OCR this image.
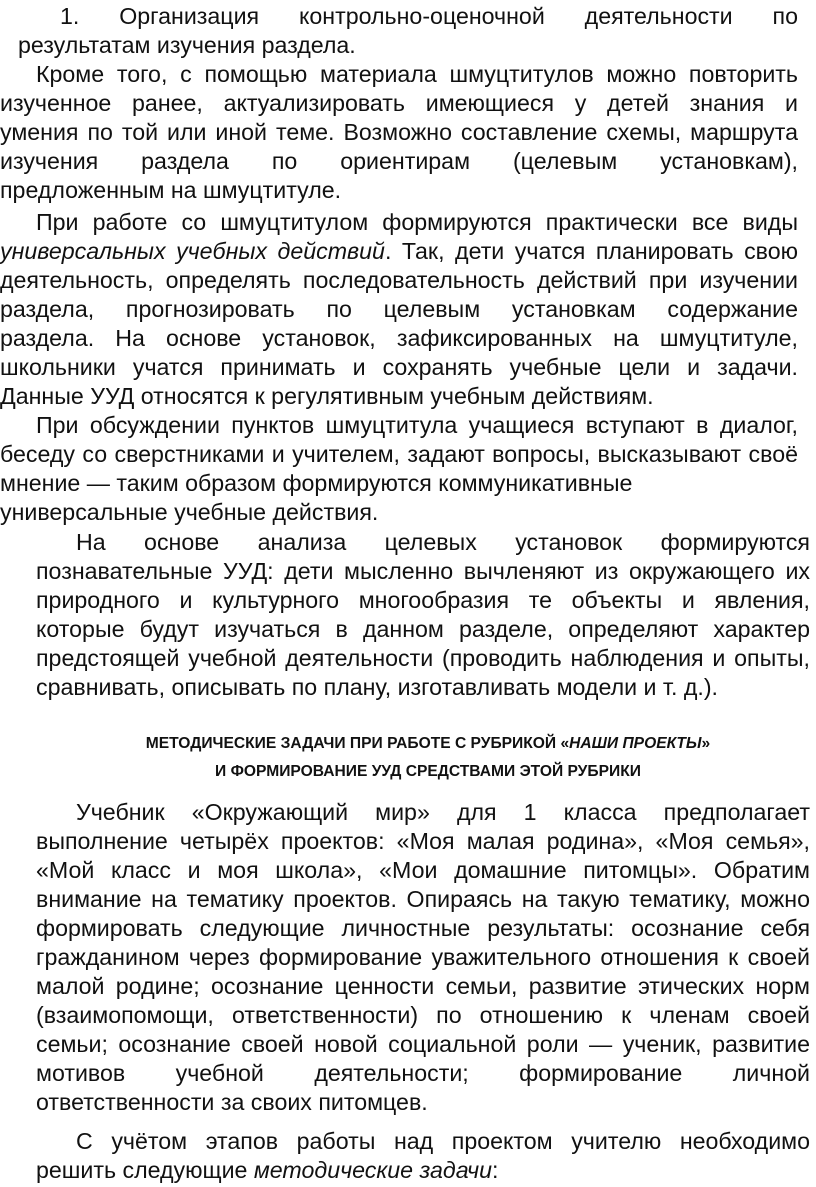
1. Организация контрольно-оценочной деятельности по
результатам изучения раздела.
Кроме того, с помощью материала шмуцтитулов можно повторить
изученное ранее, актуализировать имеющиеся у детей знания и
умения по той или иной теме. Возможно составление схемы, маршрута
изучения раздела по ориентирам (целевым установкам),
предложенным на шмуцтитуле.
При работе со шмуцтитулом формируются практически все виды
универсальных учебных действий. Так, дети учатся планировать свою
деятельность, определять последовательность действий при изучении
раздела, прогнозировать по целевым установкам содержание
раздела. На основе установок, зафиксированных на шмуцтитуле,
школьники учатся принимать и сохранять учебные цели и задачи.
Данные УУД относятся к регулятивным учебным действиям.
При обсуждении пунктов шмуцтитула учащиеся вступают в диалог,
беседу со сверстниками и учителем, задают вопросы, высказывают своё
мнение — таким образом формируются коммуникативные
универсальные учебные действия.
На основе анализа целевых установок формируются
познавательные УУД: дети мысленно вычленяют из окружающего их
природного и культурного многообразия те объекты и явления,
которые будут изучаться в данном разделе, определяют характер
предстоящей учебной деятельности (проводить наблюдения и опыты,
сравнивать, описывать по плану, изготавливать модели и т. д.).
МЕТОДИЧЕСКИЕ ЗАДАЧИ ПРИ РАБОТЕ С РУБРИКОЙ «НАШИ ПРОЕКТЫ»
И ФОРМИРОВАНИЕ УУД СРЕДСТВАМИ ЭТОЙ РУБРИКИ
Учебник «Окружающий мир» для 1 класса предполагает
выполнение четырёх проектов: «Моя малая родина», «Моя семья»,
«Мой класс и моя школа», «Мои домашние питомцы». Обратим
внимание на тематику проектов. Опираясь на такую тематику, можно
формировать следующие личностные результаты: осознание себя
гражданином через формирование уважительного отношения к своей
малой родине; осознание ценности семьи, развитие этических норм
(взаимопомощи, ответственности) по отношению к членам своей
семьи; осознание своей новой социальной роли — ученик, развитие
мотивов учебной деятельности; формирование личной
ответственности за своих питомцев.
С учётом этапов работы над проектом учителю необходимо
решить следующие методические задачи:
